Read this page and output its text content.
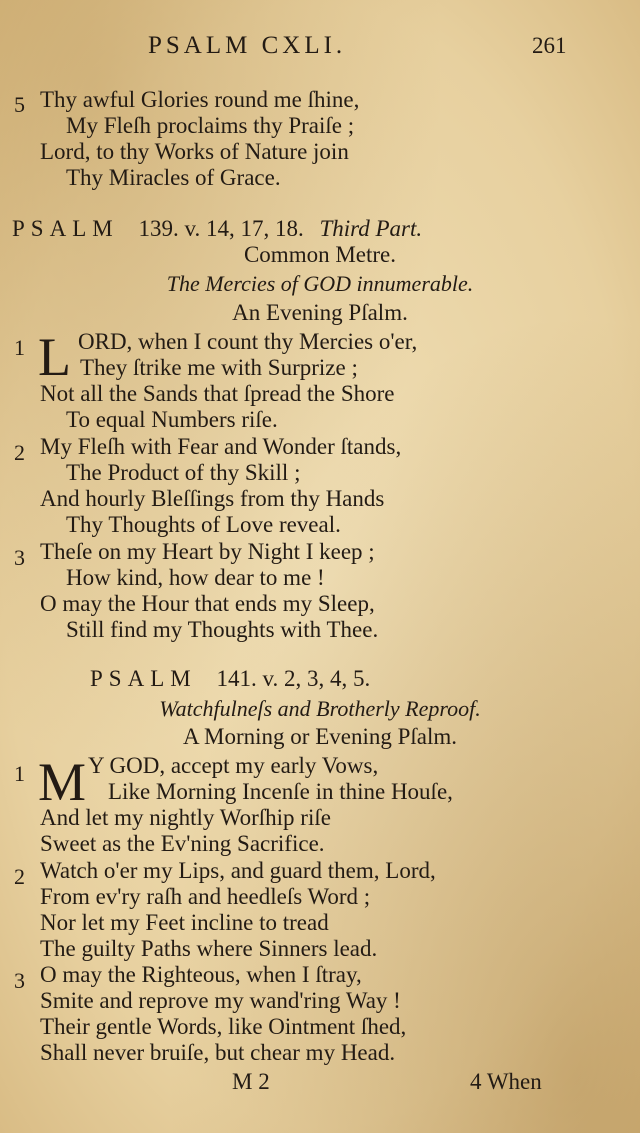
PSALM CXLI.	261
5 Thy awful Glories round me ſhine,
My Fleſh proclaims thy Praiſe ;
Lord, to thy Works of Nature join
Thy Miracles of Grace.
PSALM 139. v. 14, 17, 18. Third Part.
Common Metre.
The Mercies of GOD innumerable.
An Evening Pſalm.
1 L ORD, when I count thy Mercies o'er,
They ſtrike me with Surprize ;
Not all the Sands that ſpread the Shore
To equal Numbers riſe.
2 My Fleſh with Fear and Wonder ſtands,
The Product of thy Skill ;
And hourly Bleſſings from thy Hands
Thy Thoughts of Love reveal.
3 Theſe on my Heart by Night I keep ;
How kind, how dear to me !
O may the Hour that ends my Sleep,
Still find my Thoughts with Thee.
PSALM 141. v. 2, 3, 4, 5.
Watchfulneſs and Brotherly Reproof.
A Morning or Evening Pſalm.
1 M Y GOD, accept my early Vows,
Like Morning Incenſe in thine Houſe,
And let my nightly Worſhip riſe
Sweet as the Ev'ning Sacrifice.
2 Watch o'er my Lips, and guard them, Lord,
From ev'ry raſh and heedleſs Word ;
Nor let my Feet incline to tread
The guilty Paths where Sinners lead.
3 O may the Righteous, when I ſtray,
Smite and reprove my wand'ring Way !
Their gentle Words, like Ointment ſhed,
Shall never bruiſe, but chear my Head.
M 2	4 When
